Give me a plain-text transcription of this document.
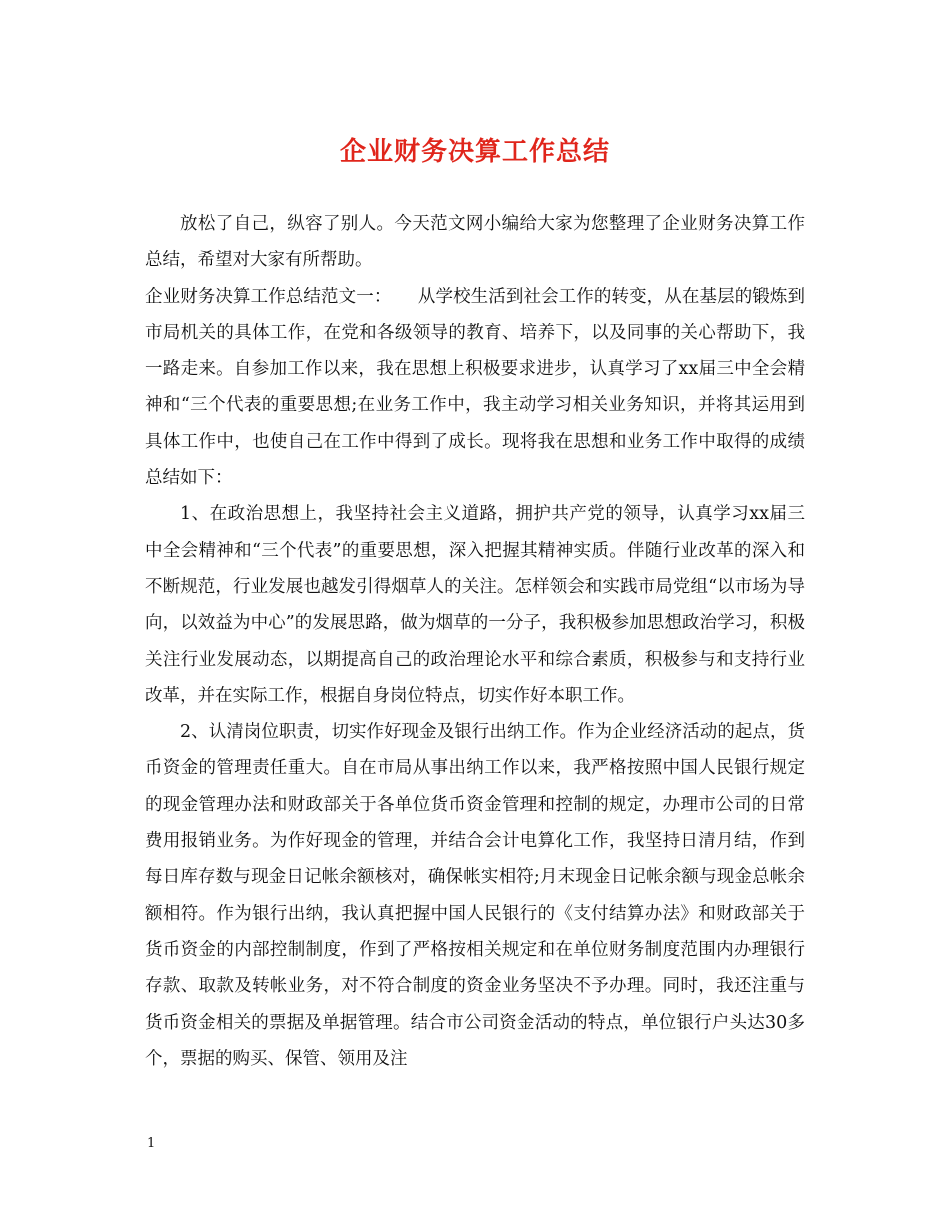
企业财务决算工作总结

放松了自己，纵容了别人。今天范文网小编给大家为您整理了企业财务决算工作总结，希望对大家有所帮助。

企业财务决算工作总结范文一：　　从学校生活到社会工作的转变，从在基层的锻炼到市局机关的具体工作，在党和各级领导的教育、培养下，以及同事的关心帮助下，我一路走来。自参加工作以来，我在思想上积极要求进步，认真学习了xx届三中全会精神和“三个代表的重要思想;在业务工作中，我主动学习相关业务知识，并将其运用到具体工作中，也使自己在工作中得到了成长。现将我在思想和业务工作中取得的成绩总结如下：

1、在政治思想上，我坚持社会主义道路，拥护共产党的领导，认真学习xx届三中全会精神和“三个代表”的重要思想，深入把握其精神实质。伴随行业改革的深入和不断规范，行业发展也越发引得烟草人的关注。怎样领会和实践市局党组“以市场为导向，以效益为中心”的发展思路，做为烟草的一分子，我积极参加思想政治学习，积极关注行业发展动态，以期提高自己的政治理论水平和综合素质，积极参与和支持行业改革，并在实际工作，根据自身岗位特点，切实作好本职工作。

2、认清岗位职责，切实作好现金及银行出纳工作。作为企业经济活动的起点，货币资金的管理责任重大。自在市局从事出纳工作以来，我严格按照中国人民银行规定的现金管理办法和财政部关于各单位货币资金管理和控制的规定，办理市公司的日常费用报销业务。为作好现金的管理，并结合会计电算化工作，我坚持日清月结，作到每日库存数与现金日记帐余额核对，确保帐实相符;月末现金日记帐余额与现金总帐余额相符。作为银行出纳，我认真把握中国人民银行的《支付结算办法》和财政部关于货币资金的内部控制制度，作到了严格按相关规定和在单位财务制度范围内办理银行存款、取款及转帐业务，对不符合制度的资金业务坚决不予办理。同时，我还注重与货币资金相关的票据及单据管理。结合市公司资金活动的特点，单位银行户头达30多个，票据的购买、保管、领用及注

1
